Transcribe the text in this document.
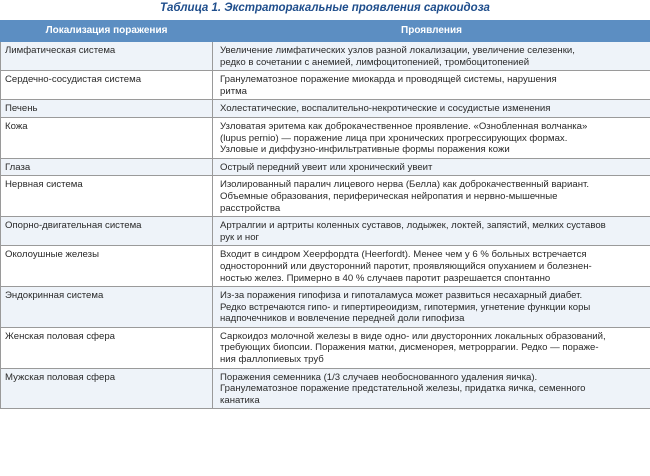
Таблица 1. Экстраторакальные проявления саркоидоза
Локализация поражения	Проявления
Лимфатическая система	Увеличение лимфатических узлов разной локализации, увеличение селезенки,
редко в сочетании с анемией, лимфоцитопенией, тромбоцитопенией

Сердечно-сосудистая система	Гранулематозное поражение миокарда и проводящей системы, нарушения
ритма

Печень	Холестатические, воспалительно-некротические и сосудистые изменения

Кожа	Узловатая эритема как доброкачественное проявление. «Ознобленная волчанка»
(lupus pernio) — поражение лица при хронических прогрессирующих формах.
Узловые и диффузно-инфильтративные формы поражения кожи

Глаза	Острый передний увеит или хронический увеит

Нервная система	Изолированный паралич лицевого нерва (Белла) как доброкачественный вариант.
Объемные образования, периферическая нейропатия и нервно-мышечные
расстройства

Опорно-двигательная система	Артралгии и артриты коленных суставов, лодыжек, локтей, запястий, мелких суставов
рук и ног

Околоушные железы	Входит в синдром Хеерфордта (Heerfordt). Менее чем у 6 % больных встречается
односторонний или двусторонний паротит, проявляющийся опуханием и болезнен-
ностью желез. Примерно в 40 % случаев паротит разрешается спонтанно

Эндокринная система	Из-за поражения гипофиза и гипоталамуса может развиться несахарный диабет.
Редко встречаются гипо- и гипертиреоидизм, гипотермия, угнетение функции коры
надпочечников и вовлечение передней доли гипофиза

Женская половая сфера	Саркоидоз молочной железы в виде одно- или двусторонних локальных образований,
требующих биопсии. Поражения матки, дисменорея, метроррагии. Редко — пораже-
ния фаллопиевых труб

Мужская половая сфера	Поражения семенника (1/3 случаев необоснованного удаления яичка).
Гранулематозное поражение предстательной железы, придатка яичка, семенного
канатика
